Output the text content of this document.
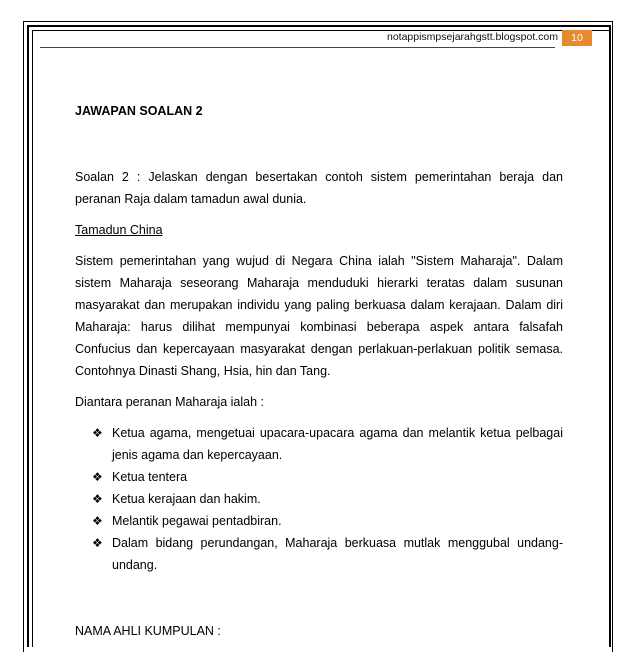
notappismpsejarahgstt.blogspot.com	10

JAWAPAN SOALAN 2

Soalan 2 : Jelaskan dengan besertakan contoh sistem pemerintahan beraja dan peranan Raja dalam tamadun awal dunia.

Tamadun China

Sistem pemerintahan yang wujud di Negara China ialah "Sistem Maharaja". Dalam sistem Maharaja seseorang Maharaja menduduki hierarki teratas dalam susunan masyarakat dan merupakan individu yang paling berkuasa dalam kerajaan. Dalam diri Maharaja: harus dilihat mempunyai kombinasi beberapa aspek antara falsafah Confucius dan kepercayaan masyarakat dengan perlakuan-perlakuan politik semasa. Contohnya Dinasti Shang, Hsia, hin dan Tang.

Diantara peranan Maharaja ialah :

❖ Ketua agama, mengetuai upacara-upacara agama dan melantik ketua pelbagai jenis agama dan kepercayaan.
❖ Ketua tentera
❖ Ketua kerajaan dan hakim.
❖ Melantik pegawai pentadbiran.
❖ Dalam bidang perundangan, Maharaja berkuasa mutlak menggubal undang-undang.

NAMA AHLI KUMPULAN :
